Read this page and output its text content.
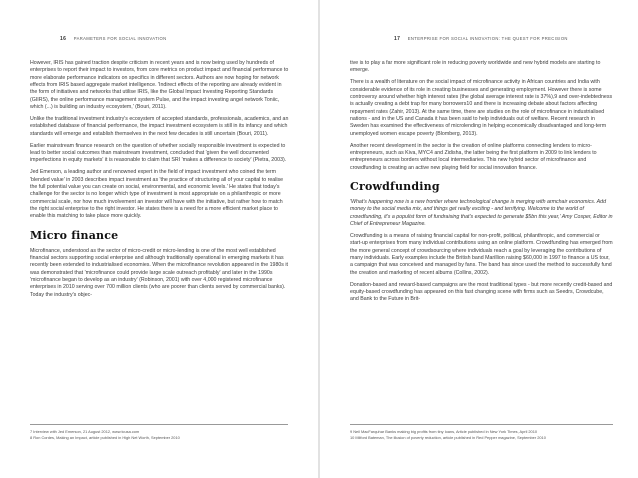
16 PARAMETERS FOR SOCIAL INNOVATION

However, IRIS has gained traction despite criticism in recent years and is now being used by hundreds of enterprises to report their impact to investors, from core metrics on product impact and financial performance to more elaborate performance indicators on specifics in different sectors. Authors are now hoping for network effects from IRIS based aggregate market intelligence. 'Indirect effects of the reporting are already evident in the form of initiatives and networks that utilise IRIS, like the Global Impact Investing Reporting Standards (GIIRS), the online performance management system Pulse, and the impact investing angel network Toniic, which (...) is building an industry ecosystem,' (Bouri, 2011).

Unlike the traditional investment industry's ecosystem of accepted standards, professionals, academics, and an established database of financial performance, the impact investment ecosystem is still in its infancy and which standards will emerge and establish themselves in the next few decades is still uncertain (Bouri, 2011).

Earlier mainstream finance research on the question of whether socially responsible investment is expected to lead to better social outcomes than mainstream investment, concluded that 'given the well documented imperfections in equity markets' it is reasonable to claim that SRI 'makes a difference to society' (Pietra, 2003).

Jed Emerson, a leading author and renowned expert in the field of impact investment who coined the term 'blended value' in 2003 describes impact investment as 'the practice of structuring all of your capital to realise the full potential value you can create on social, environmental, and economic levels.' He states that today's challenge for the sector is no longer which type of investment is most appropriate on a philanthropic or more commercial scale, nor how much involvement an investor will have with the initiative, but rather how to match the right social enterprise to the right investor. He states there is a need for a more efficient market place to enable this matching to take place more quickly.

Micro finance

Microfinance, understood as the sector of micro-credit or micro-lending is one of the most well established financial sectors supporting social enterprise and although traditionally operational in emerging markets it has recently been extended to industrialised economies. When the microfinance revolution appeared in the 1980s it was demonstrated that 'microfinance could provide large scale outreach profitably' and later in the 1990s 'microfinance began to develop as an industry' (Robinson, 2001) with over 4,000 registered microfinance enterprises in 2010 serving over 700 million clients (who are poorer than clients served by commercial banks). Today the industry's objec-

7 Interview with Jed Emerson, 21 August 2012, www.tcusa.com
8 Ron Cordes, Making an Impact, article published in High Net Worth, September 2010
17 ENTERPRISE FOR SOCIAL INNOVATION: THE QUEST FOR PRECISION

tive is to play a far more significant role in reducing poverty worldwide and new hybrid models are starting to emerge.

There is a wealth of literature on the social impact of microfinance activity in African countries and India with considerable evidence of its role in creating businesses and generating employment. However there is some controversy around whether high interest rates (the global average interest rate is 37%),9 and over-indebtedness is actually creating a debt trap for many borrowers10 and there is increasing debate about factors affecting repayment rates (Zahir, 2013). At the same time, there are studies on the role of microfinance in industrialised nations - and in the US and Canada it has been said to help individuals out of welfare. Recent research in Sweden has examined the effectiveness of microlending in helping economically disadvantaged and long-term unemployed women escape poverty (Blomberg, 2013).

Another recent development in the sector is the creation of online platforms connecting lenders to micro-entrepreneurs, such as Kiva, MYC4 and Zidisha, the latter being the first platform in 2009 to link lenders to entrepreneurs across borders without local intermediaries. This new hybrid sector of microfinance and crowdfunding is creating an active new playing field for social innovation finance.

Crowdfunding

'What's happening now is a new frontier where technological change is merging with armchair economics. Add money to the social media mix, and things get really exciting - and terrifying. Welcome to the world of crowdfunding, it's a populist form of fundraising that's expected to generate $5bn this year,' Amy Cosper, Editor in Chief of Entrepreneur Magazine.

Crowdfunding is a means of raising financial capital for non-profit, political, philanthropic, and commercial or start-up enterprises from many individual contributions using an online platform. Crowdfunding has emerged from the more general concept of crowdsourcing where individuals reach a goal by leveraging the contributions of many individuals. Early examples include the British band Marillion raising $60,000 in 1997 to finance a US tour, a campaign that was conceived and managed by fans. The band has since used the method to successfully fund the creation and marketing of recent albums (Collins, 2002).

Donation-based and reward-based campaigns are the most traditional types - but more recently credit-based and equity-based crowdfunding has appeared on this fast changing scene with firms such as Seedrs, Crowdcube, and Bank to the Future in Brit-

9 Neil MacFarquhar Banks making big profits from tiny loans, Article published in New York Times, April 2010
10 Milford Bateman, The illusion of poverty reduction, article published in Red Pepper magazine, September 2010
